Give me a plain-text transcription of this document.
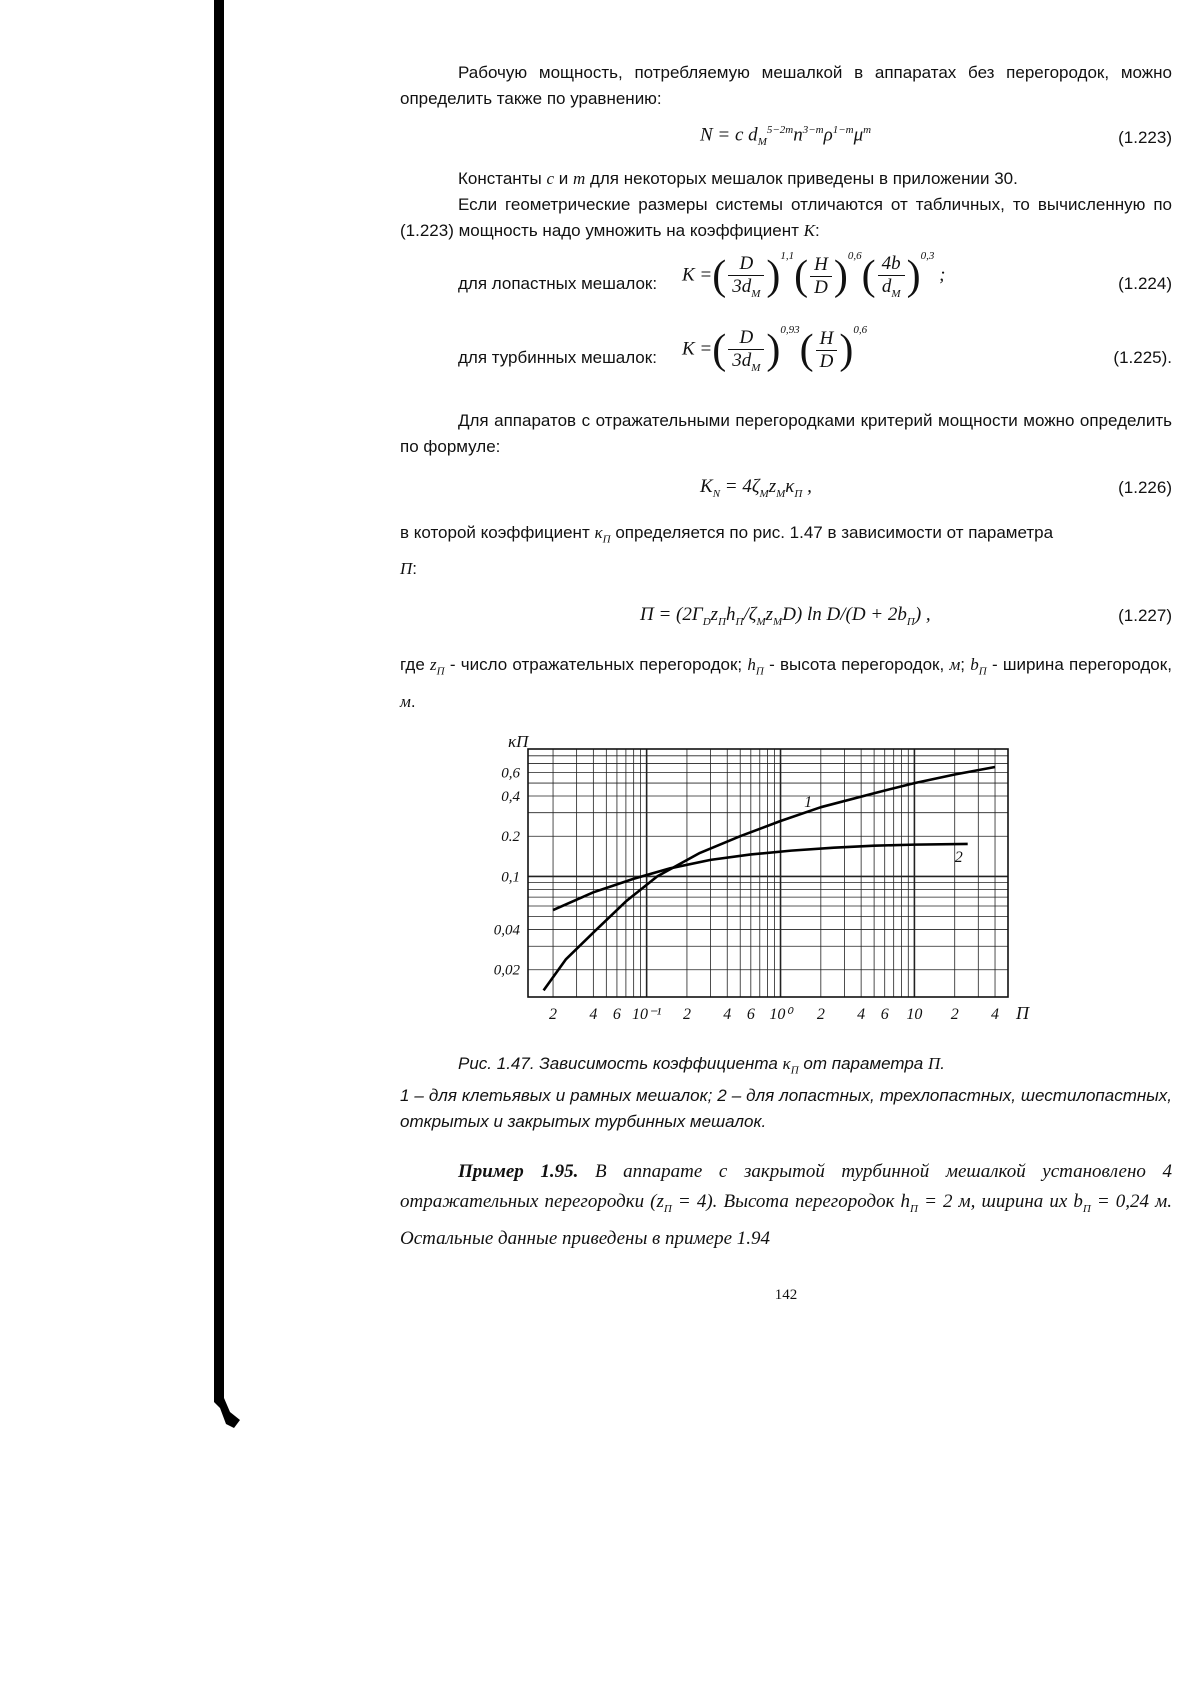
Рабочую мощность, потребляемую мешалкой в аппаратах без перегородок, можно определить также по уравнению:

N = c $d_M^{5-2m}n^{3-m}\rho^{1-m}\mu^m$	(1.223)

Константы c и m для некоторых мешалок приведены в приложении 30.

Если геометрические размеры системы отличаются от табличных, то вычисленную по (1.223) мощность надо умножить на коэффициент K:

для лопастных мешалок: K =( $\frac{D}{3d_М} )^{1,1}( \frac{H}{D} )^{0,6}( \frac{4b}{d_М} )^{0,3}$ ;	(1.224)
для турбинных мешалок: K =( $\frac{D}{3d_М} )^{0,93}( \frac{H}{D} )^{0,6}$
(1.225).

Для аппаратов с отражательными перегородками критерий мощности можно определить по формуле:

$K_N = 4\zeta_Мz_М\kappa_П$ ,	(1.226)

в которой коэффициент $\kappa_П$ определяется по рис. 1.47 в зависимости от параметра
П:

$П = (2Г_Dz_Пh_П/\zeta_Мz_МD)$ $\ln D/(D + 2b_П)$ ,	(1.227)

где $z_П$ - число отражательных перегородок; $h_П$ - высота перегородок, м; $b_П$ - ширина перегородок, м.

2 4 6 10⁻¹ 2 4 6 10⁰ 2 4 6 10 2 4
0,6
0,4
0.2
0,1
0,04
0,02
П
κП
1
2

Рис. 1.47. Зависимость коэффициента $\kappa_П$ от параметра П.

1 – для клетьявых и рамных мешалок; 2 – для лопастных, трехлопастных, шестилопастных, открытых и закрытых турбинных мешалок.

Пример 1.95. В аппарате с закрытой турбинной мешалкой установлено 4 отражательных перегородки $(z_П = 4)$. Высота перегородок $h_П = 2$ м, ширина их $b_П = 0,24$ м. Остальные данные приведены в примере 1.94

142
